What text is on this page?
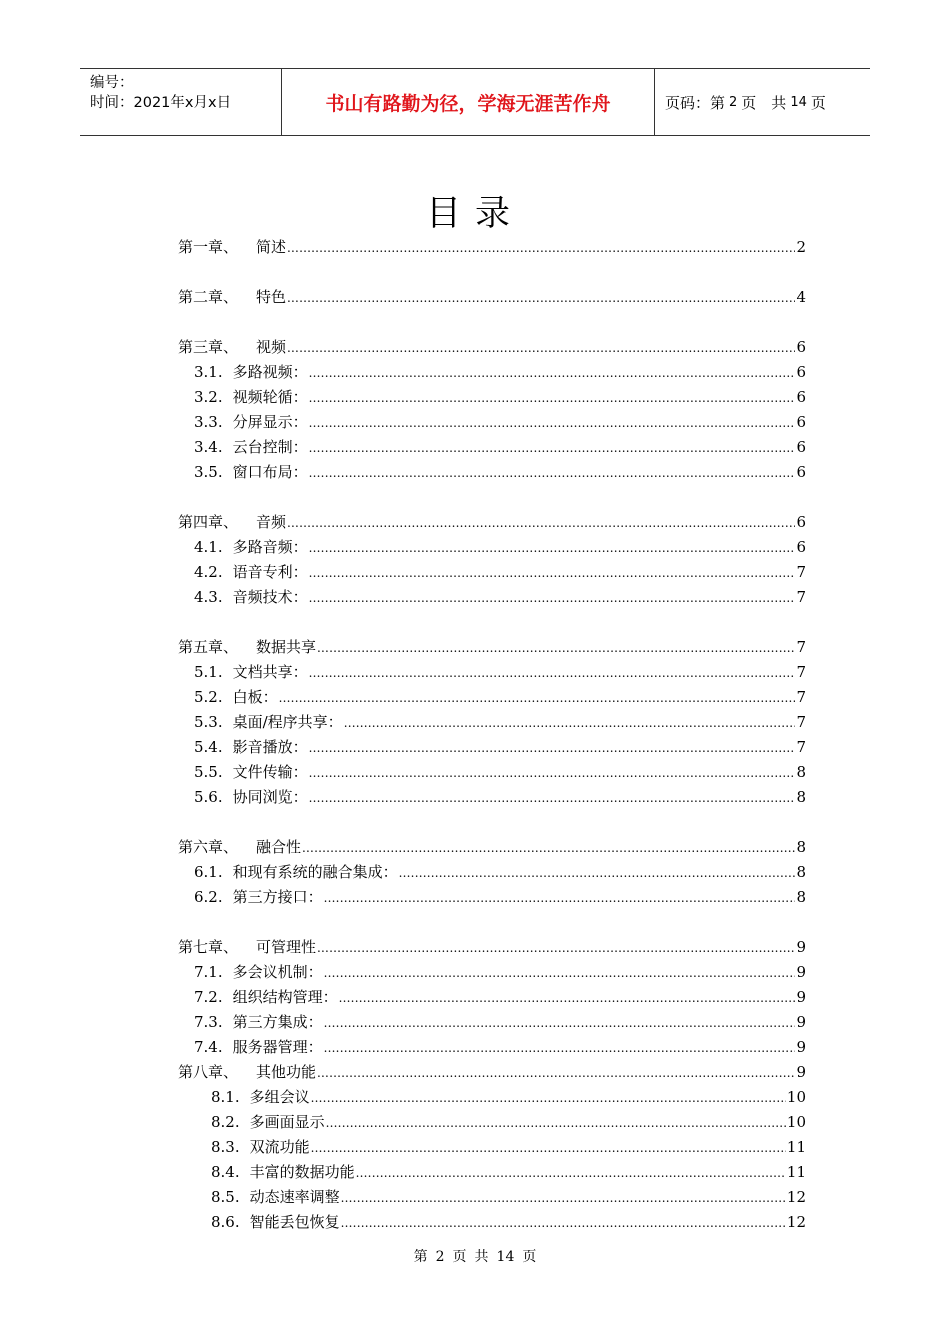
编号：
时间：2021年x月x日	书山有路勤为径，学海无涯苦作舟	页码：第 2 页　共 14 页
目录
第一章、 简述 .....	2
第二章、 特色 .....	4
第三章、 视频 .....	6
3.1. 多路视频： .....	6
3.2. 视频轮循： .....	6
3.3. 分屏显示： .....	6
3.4. 云台控制： .....	6
3.5. 窗口布局： .....	6
第四章、 音频 .....	6
4.1. 多路音频： .....	6
4.2. 语音专利： .....	7
4.3. 音频技术： .....	7
第五章、 数据共享 .....	7
5.1. 文档共享： .....	7
5.2. 白板： .....	7
5.3. 桌面/程序共享： .....	7
5.4. 影音播放： .....	7
5.5. 文件传输： .....	8
5.6. 协同浏览： .....	8
第六章、 融合性 .....	8
6.1. 和现有系统的融合集成： .....	8
6.2. 第三方接口： .....	8
第七章、 可管理性 .....	9
7.1. 多会议机制： .....	9
7.2. 组织结构管理： .....	9
7.3. 第三方集成： .....	9
7.4. 服务器管理： .....	9
第八章、 其他功能 .....	9
8.1. 多组会议 .....	10
8.2. 多画面显示 .....	10
8.3. 双流功能 .....	11
8.4. 丰富的数据功能 .....	11
8.5. 动态速率调整 .....	12
8.6. 智能丢包恢复 .....	12
第 2 页 共 14 页
